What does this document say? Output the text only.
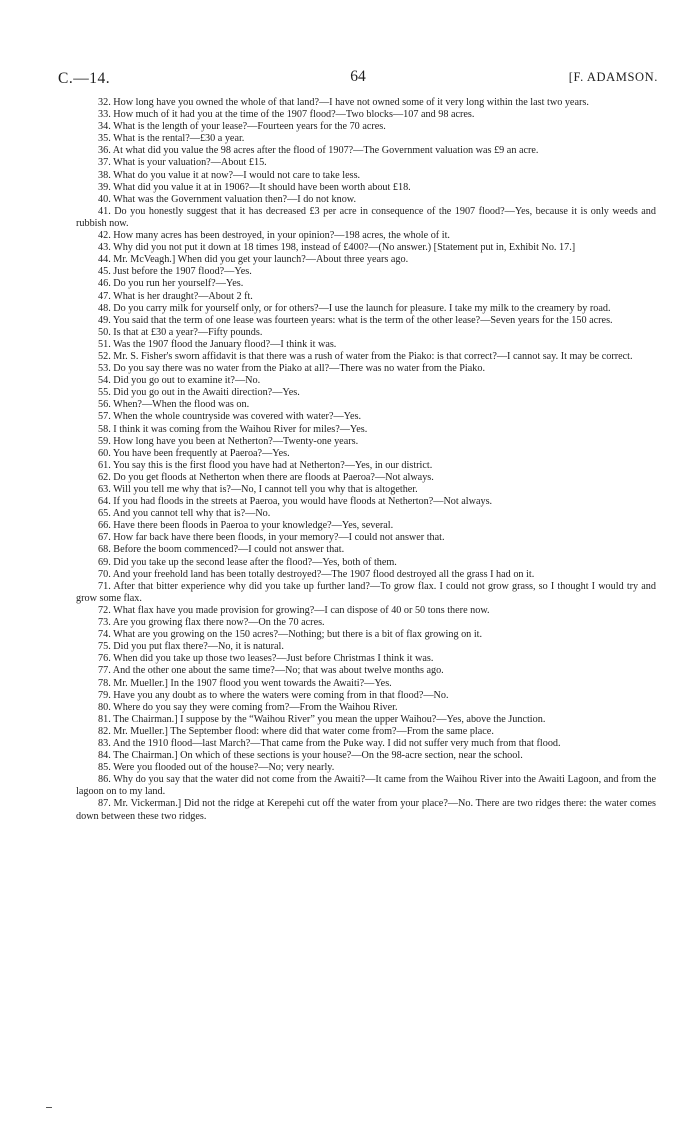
C.—14.	64	[F. ADAMSON.

32. How long have you owned the whole of that land?—I have not owned some of it very long within the last two years.

33. How much of it had you at the time of the 1907 flood?—Two blocks—107 and 98 acres.

34. What is the length of your lease?—Fourteen years for the 70 acres.

35. What is the rental?—£30 a year.

36. At what did you value the 98 acres after the flood of 1907?—The Government valuation was £9 an acre.

37. What is your valuation?—About £15.

38. What do you value it at now?—I would not care to take less.

39. What did you value it at in 1906?—It should have been worth about £18.

40. What was the Government valuation then?—I do not know.

41. Do you honestly suggest that it has decreased £3 per acre in consequence of the 1907 flood?—Yes, because it is only weeds and rubbish now.

42. How many acres has been destroyed, in your opinion?—198 acres, the whole of it.

43. Why did you not put it down at 18 times 198, instead of £400?—(No answer.) [Statement put in, Exhibit No. 17.]

44. Mr. McVeagh.] When did you get your launch?—About three years ago.

45. Just before the 1907 flood?—Yes.

46. Do you run her yourself?—Yes.

47. What is her draught?—About 2 ft.

48. Do you carry milk for yourself only, or for others?—I use the launch for pleasure. I take my milk to the creamery by road.

49. You said that the term of one lease was fourteen years: what is the term of the other lease?—Seven years for the 150 acres.

50. Is that at £30 a year?—Fifty pounds.

51. Was the 1907 flood the January flood?—I think it was.

52. Mr. S. Fisher's sworn affidavit is that there was a rush of water from the Piako: is that correct?—I cannot say. It may be correct.

53. Do you say there was no water from the Piako at all?—There was no water from the Piako.

54. Did you go out to examine it?—No.

55. Did you go out in the Awaiti direction?—Yes.

56. When?—When the flood was on.

57. When the whole countryside was covered with water?—Yes.

58. I think it was coming from the Waihou River for miles?—Yes.

59. How long have you been at Netherton?—Twenty-one years.

60. You have been frequently at Paeroa?—Yes.

61. You say this is the first flood you have had at Netherton?—Yes, in our district.

62. Do you get floods at Netherton when there are floods at Paeroa?—Not always.

63. Will you tell me why that is?—No, I cannot tell you why that is altogether.

64. If you had floods in the streets at Paeroa, you would have floods at Netherton?—Not always.

65. And you cannot tell why that is?—No.

66. Have there been floods in Paeroa to your knowledge?—Yes, several.

67. How far back have there been floods, in your memory?—I could not answer that.

68. Before the boom commenced?—I could not answer that.

69. Did you take up the second lease after the flood?—Yes, both of them.

70. And your freehold land has been totally destroyed?—The 1907 flood destroyed all the grass I had on it.

71. After that bitter experience why did you take up further land?—To grow flax. I could not grow grass, so I thought I would try and grow some flax.

72. What flax have you made provision for growing?—I can dispose of 40 or 50 tons there now.

73. Are you growing flax there now?—On the 70 acres.

74. What are you growing on the 150 acres?—Nothing; but there is a bit of flax growing on it.

75. Did you put flax there?—No, it is natural.

76. When did you take up those two leases?—Just before Christmas I think it was.

77. And the other one about the same time?—No; that was about twelve months ago.

78. Mr. Mueller.] In the 1907 flood you went towards the Awaiti?—Yes.

79. Have you any doubt as to where the waters were coming from in that flood?—No.

80. Where do you say they were coming from?—From the Waihou River.

81. The Chairman.] I suppose by the “Waihou River” you mean the upper Waihou?—Yes, above the Junction.

82. Mr. Mueller.] The September flood: where did that water come from?—From the same place.

83. And the 1910 flood—last March?—That came from the Puke way. I did not suffer very much from that flood.

84. The Chairman.] On which of these sections is your house?—On the 98-acre section, near the school.

85. Were you flooded out of the house?—No; very nearly.

86. Why do you say that the water did not come from the Awaiti?—It came from the Waihou River into the Awaiti Lagoon, and from the lagoon on to my land.

87. Mr. Vickerman.] Did not the ridge at Kerepehi cut off the water from your place?—No. There are two ridges there: the water comes down between these two ridges.
